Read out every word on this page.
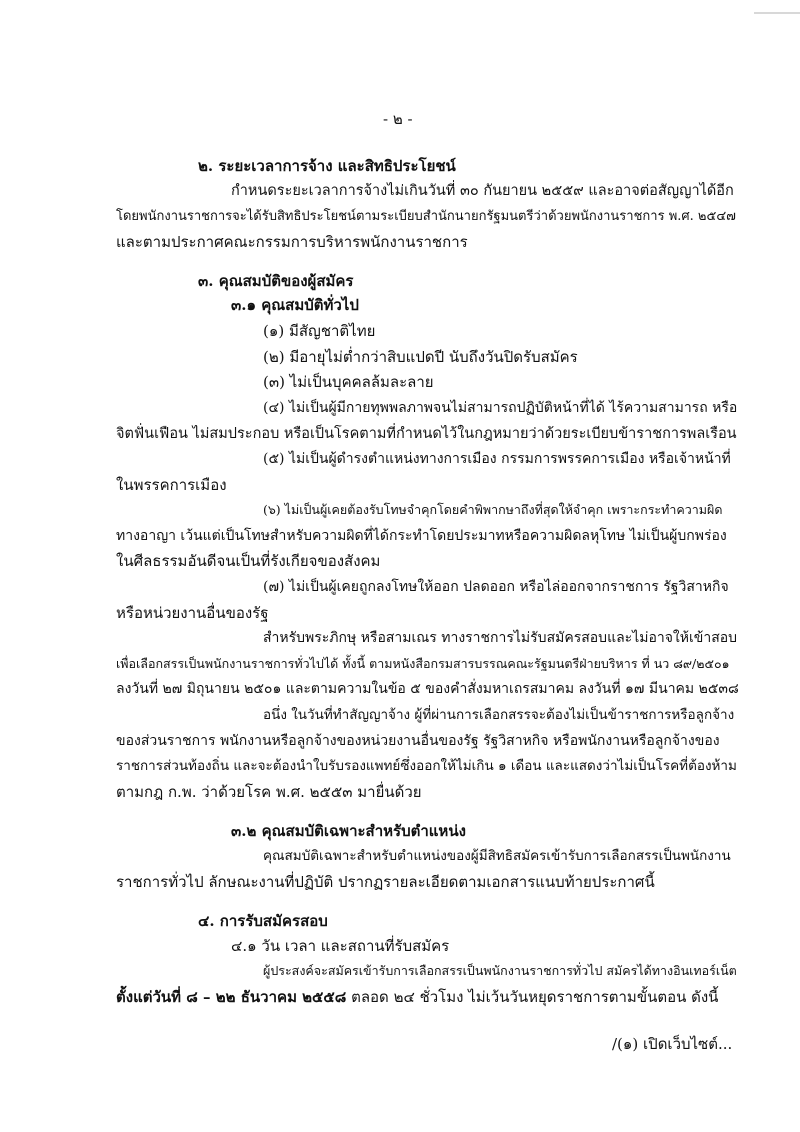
- ๒ -
๒. ระยะเวลาการจ้าง และสิทธิประโยชน์
กำหนดระยะเวลาการจ้างไม่เกินวันที่ ๓๐ กันยายน ๒๕๕๙ และอาจต่อสัญญาได้อีก
โดยพนักงานราชการจะได้รับสิทธิประโยชน์ตามระเบียบสำนักนายกรัฐมนตรีว่าด้วยพนักงานราชการ พ.ศ. ๒๕๔๗
และตามประกาศคณะกรรมการบริหารพนักงานราชการ
๓. คุณสมบัติของผู้สมัคร
๓.๑ คุณสมบัติทั่วไป
(๑) มีสัญชาติไทย
(๒) มีอายุไม่ต่ำกว่าสิบแปดปี นับถึงวันปิดรับสมัคร
(๓) ไม่เป็นบุคคลล้มละลาย
(๔) ไม่เป็นผู้มีกายทุพพลภาพจนไม่สามารถปฏิบัติหน้าที่ได้ ไร้ความสามารถ หรือ
จิตฟั่นเฟือน ไม่สมประกอบ หรือเป็นโรคตามที่กำหนดไว้ในกฎหมายว่าด้วยระเบียบข้าราชการพลเรือน
(๕) ไม่เป็นผู้ดำรงตำแหน่งทางการเมือง กรรมการพรรคการเมือง หรือเจ้าหน้าที่
ในพรรคการเมือง
(๖) ไม่เป็นผู้เคยต้องรับโทษจำคุกโดยคำพิพากษาถึงที่สุดให้จำคุก เพราะกระทำความผิด
ทางอาญา เว้นแต่เป็นโทษสำหรับความผิดที่ได้กระทำโดยประมาทหรือความผิดลหุโทษ ไม่เป็นผู้บกพร่อง
ในศีลธรรมอันดีจนเป็นที่รังเกียจของสังคม
(๗) ไม่เป็นผู้เคยถูกลงโทษให้ออก ปลดออก หรือไล่ออกจากราชการ รัฐวิสาหกิจ
หรือหน่วยงานอื่นของรัฐ
สำหรับพระภิกษุ หรือสามเณร ทางราชการไม่รับสมัครสอบและไม่อาจให้เข้าสอบ
เพื่อเลือกสรรเป็นพนักงานราชการทั่วไปได้ ทั้งนี้ ตามหนังสือกรมสารบรรณคณะรัฐมนตรีฝ่ายบริหาร ที่ นว ๘๙/๒๕๐๑
ลงวันที่ ๒๗ มิถุนายน ๒๕๐๑ และตามความในข้อ ๕ ของคำสั่งมหาเถรสมาคม ลงวันที่ ๑๗ มีนาคม ๒๕๓๘
อนึ่ง ในวันที่ทำสัญญาจ้าง ผู้ที่ผ่านการเลือกสรรจะต้องไม่เป็นข้าราชการหรือลูกจ้าง
ของส่วนราชการ พนักงานหรือลูกจ้างของหน่วยงานอื่นของรัฐ รัฐวิสาหกิจ หรือพนักงานหรือลูกจ้างของ
ราชการส่วนท้องถิ่น และจะต้องนำใบรับรองแพทย์ซึ่งออกให้ไม่เกิน ๑ เดือน และแสดงว่าไม่เป็นโรคที่ต้องห้าม
ตามกฎ ก.พ. ว่าด้วยโรค พ.ศ. ๒๕๕๓ มายื่นด้วย
๓.๒ คุณสมบัติเฉพาะสำหรับตำแหน่ง
คุณสมบัติเฉพาะสำหรับตำแหน่งของผู้มีสิทธิสมัครเข้ารับการเลือกสรรเป็นพนักงาน
ราชการทั่วไป ลักษณะงานที่ปฏิบัติ ปรากฏรายละเอียดตามเอกสารแนบท้ายประกาศนี้
๔. การรับสมัครสอบ
๔.๑ วัน เวลา และสถานที่รับสมัคร
ผู้ประสงค์จะสมัครเข้ารับการเลือกสรรเป็นพนักงานราชการทั่วไป สมัครได้ทางอินเทอร์เน็ต
ตั้งแต่วันที่ ๘ – ๒๒ ธันวาคม ๒๕๕๘ ตลอด ๒๔ ชั่วโมง ไม่เว้นวันหยุดราชการตามขั้นตอน ดังนี้
/(๑) เปิดเว็บไซต์...
